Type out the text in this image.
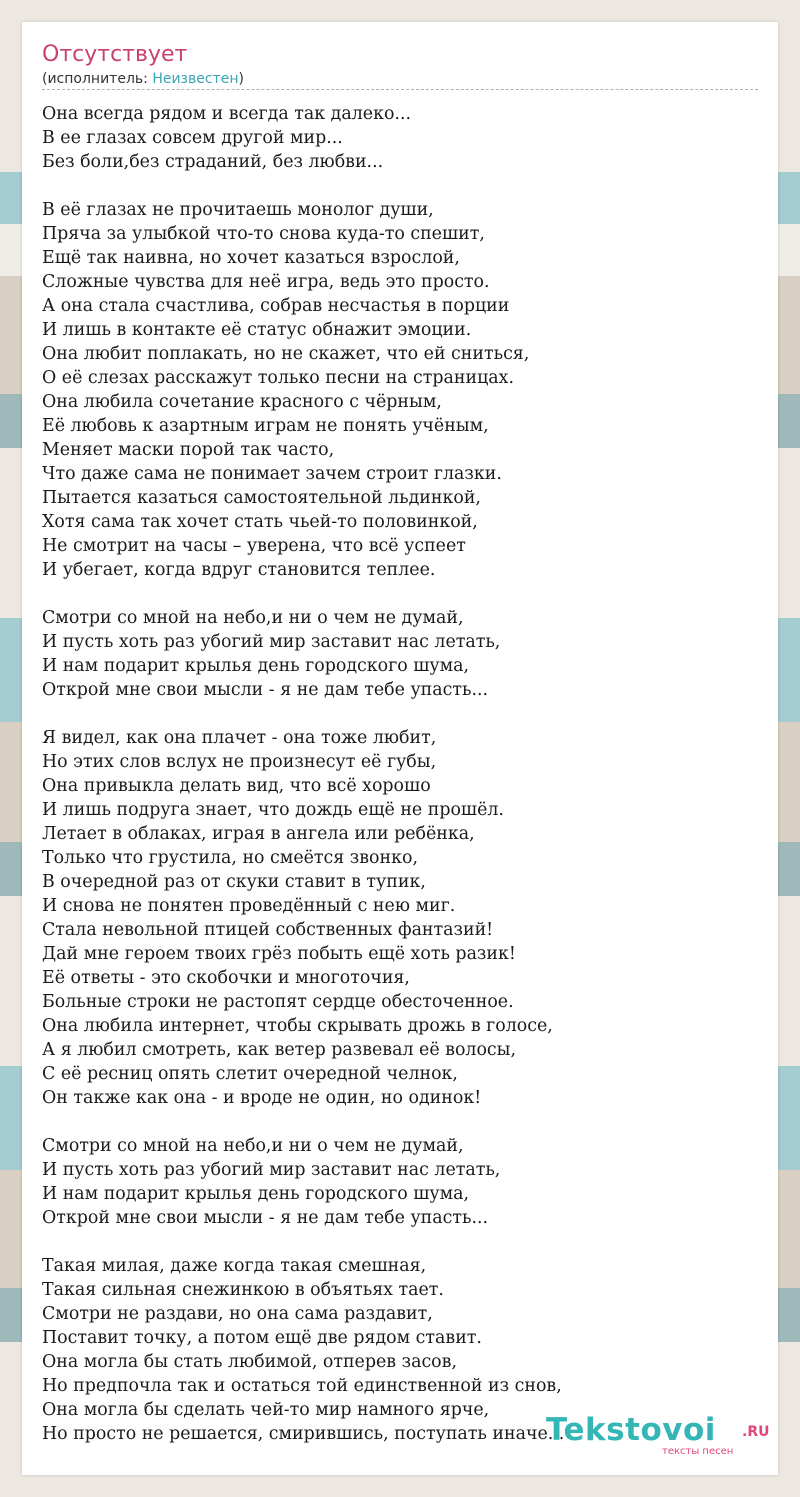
Отсутствует
(исполнитель: Неизвестен)
Она всегда рядом и всегда так далеко...
В ее глазах совсем другой мир...
Без боли,без страданий, без любви...

В её глазах не прочитаешь монолог души,
Пряча за улыбкой что-то снова куда-то спешит,
Ещё так наивна, но хочет казаться взрослой,
Сложные чувства для неё игра, ведь это просто.
А она стала счастлива, собрав несчастья в порции
И лишь в контакте её статус обнажит эмоции.
Она любит поплакать, но не скажет, что ей сниться,
О её слезах расскажут только песни на страницах.
Она любила сочетание красного с чёрным,
Её любовь к азартным играм не понять учёным,
Меняет маски порой так часто,
Что даже сама не понимает зачем строит глазки.
Пытается казаться самостоятельной льдинкой,
Хотя сама так хочет стать чьей-то половинкой,
Не смотрит на часы – уверена, что всё успеет
И убегает, когда вдруг становится теплее.

Смотри со мной на небо,и ни о чем не думай,
И пусть хоть раз убогий мир заставит нас летать,
И нам подарит крылья день городского шума,
Открой мне свои мысли - я не дам тебе упасть...

Я видел, как она плачет - она тоже любит,
Но этих слов вслух не произнесут её губы,
Она привыкла делать вид, что всё хорошо
И лишь подруга знает, что дождь ещё не прошёл.
Летает в облаках, играя в ангела или ребёнка,
Только что грустила, но смеётся звонко,
В очередной раз от скуки ставит в тупик,
И снова не понятен проведённый с нею миг.
Стала невольной птицей собственных фантазий!
Дай мне героем твоих грёз побыть ещё хоть разик!
Её ответы - это скобочки и многоточия,
Больные строки не растопят сердце обесточенное.
Она любила интернет, чтобы скрывать дрожь в голосе,
А я любил смотреть, как ветер развевал её волосы,
С её ресниц опять слетит очередной челнок,
Он также как она - и вроде не один, но одинок!

Смотри со мной на небо,и ни о чем не думай,
И пусть хоть раз убогий мир заставит нас летать,
И нам подарит крылья день городского шума,
Открой мне свои мысли - я не дам тебе упасть...

Такая милая, даже когда такая смешная,
Такая сильная снежинкою в объятьях тает.
Смотри не раздави, но она сама раздавит,
Поставит точку, а потом ещё две рядом ставит.
Она могла бы стать любимой, отперев засов,
Но предпочла так и остаться той единственной из снов,
Она могла бы сделать чей-то мир намного ярче,
Но просто не решается, смирившись, поступать иначе...
Tekstovoi .RU
тексты песен
